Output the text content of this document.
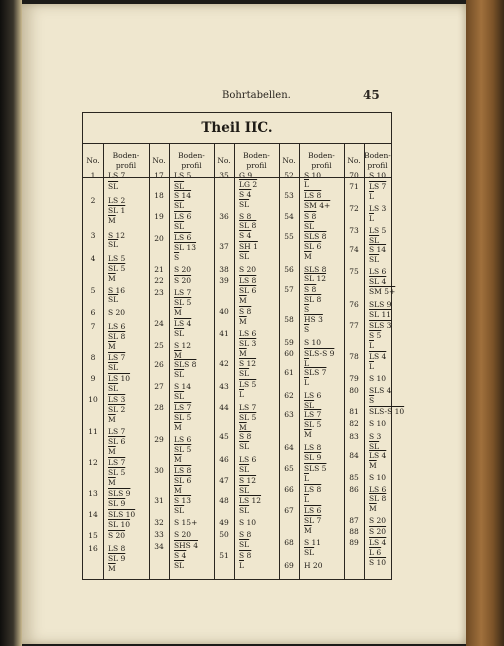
Bohrtabellen.	45
Theil IIC.
1
2
3
4
5
6
7
8
9
10
11
12
13
14
15
16
LS 7
$\overline{SL}$
LS 2
SL 1
$\overline{M}$
S 12
$\overline{SL}$
LS 5
SL 5
$\overline{M}$
S 16
$\overline{SL}$
S 20
LS 6
SL 8
$\overline{M}$
LS 7
$\overline{SL}$
LS 10
$\overline{SL}$
LS 3
SL 2
$\overline{M}$
LS 7
SL 6
$\overline{M}$
LS 7
SL 5
$\overline{M}$
SLS 9
SL 9
SLS 10
SL 10
S 20
LS 8
SL 9
$\overline{M}$
17
18
19
20
21
22
23
24
25
26
27
28
29
30
31
32
33
34
LS 5
$\overline{SL}$
S 14
$\overline{SL}$
LS 6
$\overline{SL}$
LS 6
SL 13
$\overline{S}$
S 20
S 20
LS 7
SL 5
$\overline{M}$
LS 4
$\overline{SL}$
S 12
$\overline{M}$
SLS 8
$\overline{SL}$
S 14
$\overline{SL}$
LS 7
SL 5
$\overline{M}$
LS 6
SL 5
$\overline{M}$
LS 8
SL 6
$\overline{M}$
S 13
$\overline{SL}$
S 15+
S 20
SHS 4
S 4
$\overline{SL}$
35
36
37
38
39
40
41
42
43
44
45
46
47
48
49
50
51
G 9
LG 2
S 4
$\overline{SL}$
S 8
SL 8
S 4
SH 1
$\overline{SL}$
S 20
LS 8
SL 6
$\overline{M}$
S 8
$\overline{M}$
LS 6
SL 3
$\overline{M}$
S 12
$\overline{SL}$
LS 5
$\overline{L}$
LS 7
SL 5
$\overline{M}$
S 8
$\overline{SL}$
LS 6
$\overline{SL}$
S 12
$\overline{SL}$
LS 12
$\overline{SL}$
S 10
S 8
$\overline{SL}$
S 8
$\overline{L}$
52
53
54
55
56
57
58
59
60
61
62
63
64
65
66
67
68
69
S 10
$\overline{L}$
LS 8
SM 4+
S 8
$\overline{SL}$
SLS 8
SL 6
$\overline{M}$
SLS 8
SL 12
S 8
SL 8
$\overline{S}$
HS 3
$\overline{S}$
S 10
SLS-S 9
$\overline{L}$
SLS 7
$\overline{L}$
LS 6
$\overline{SL}$
LS 7
SL 5
$\overline{M}$
LS 8
SL 9
SLS 5
$\overline{L}$
LS 8
$\overline{L}$
LS 6
SL 7
$\overline{M}$
S 11
$\overline{SL}$
H 20
70
71
72
73
74
75
76
77
78
79
80
81
82
83
84
85
86
87
88
89
S 10
LS 7
$\overline{L}$
LS 3
$\overline{L}$
LS 5
$\overline{SL}$
S 14
$\overline{SL}$
LS 6
SL 4
SM 5+
SLS 9
SL 11
SLS 3
S 5
$\overline{L}$
LS 4
$\overline{L}$
S 10
SLS 4
$\overline{S}$
SLS-S 10
S 10
S 3
$\overline{SL}$
LS 4
$\overline{M}$
S 10
LS 6
SL 8
$\overline{M}$
S 20
S 20
LS 4
L 6
S 10
No.
Boden-
profil
No.
Boden-
profil
No.
Boden-
profil
No.
Boden-
profil
No.
Boden-
profil
